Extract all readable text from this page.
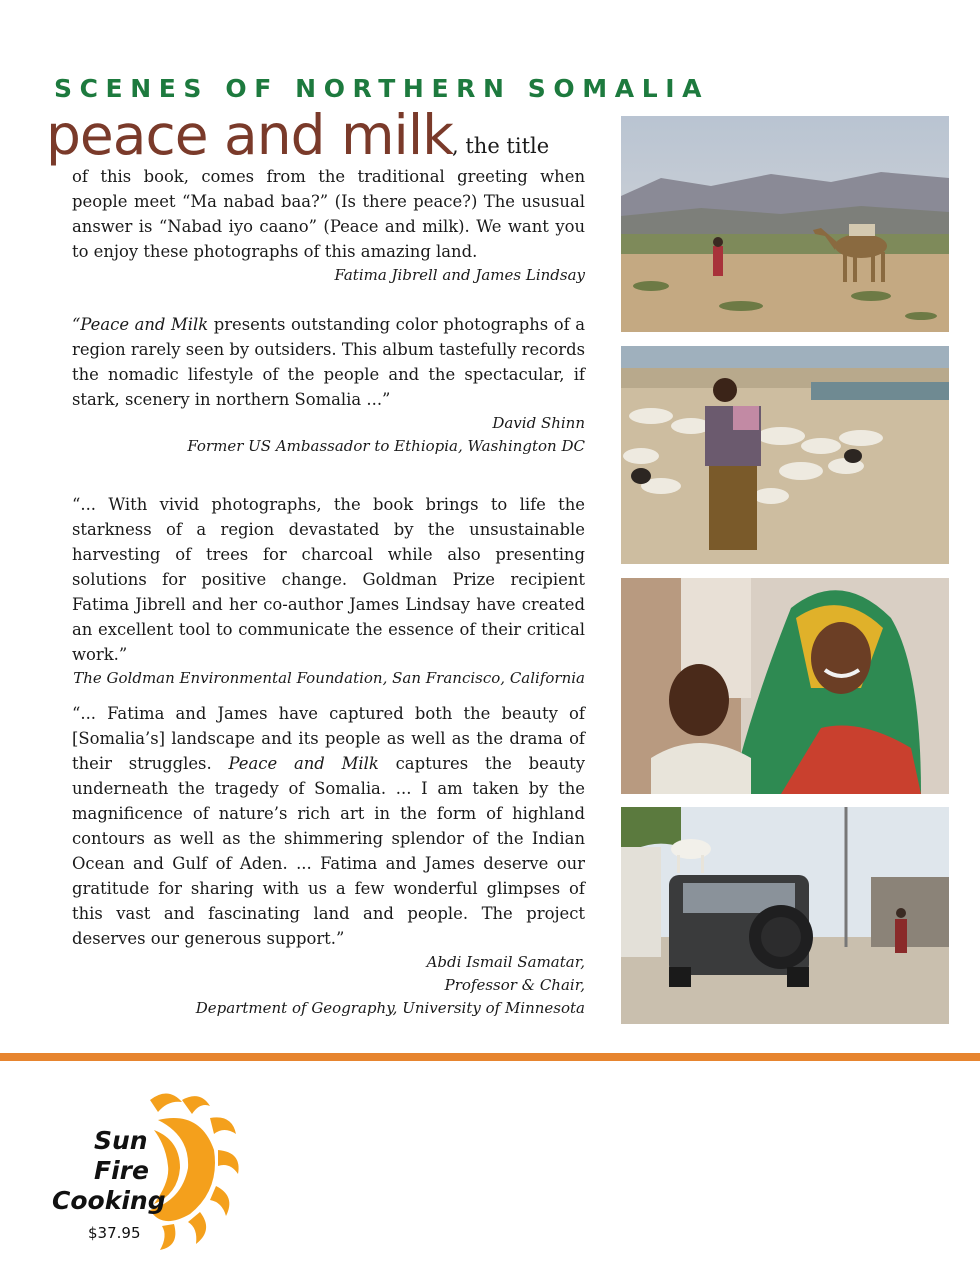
SCENES OF NORTHERN SOMALIA
peace and milk , the title

of this book, comes from the traditional greeting when people meet “Ma nabad baa?” (Is there peace?) The ususual answer is “Nabad iyo caano” (Peace and milk). We want you to enjoy these photographs of this amazing land.

Fatima Jibrell and James Lindsay

“Peace and Milk presents outstanding color photographs of a region rarely seen by outsiders. This album tastefully records the nomadic lifestyle of the people and the spectacular, if stark, scenery in northern Somalia ...”

David Shinn

Former US Ambassador to Ethiopia, Washington DC

“... With vivid photographs, the book brings to life the starkness of a region devastated by the unsustainable harvesting of trees for charcoal while also presenting solutions for positive change. Goldman Prize recipient Fatima Jibrell and her co-author James Lindsay have created an excellent tool to communicate the essence of their critical work.”

The Goldman Environmental Foundation, San Francisco, California

“... Fatima and James have captured both the beauty of [Somalia’s] landscape and its people as well as the drama of their struggles. Peace and Milk captures the beauty underneath the tragedy of Somalia. ... I am taken by the magnificence of nature’s rich art in the form of highland contours as well as the shimmering splendor of the Indian Ocean and Gulf of Aden. ... Fatima and James deserve our gratitude for sharing with us a few wonderful glimpses of this vast and fascinating land and people. The project deserves our generous support.”

Abdi Ismail Samatar,

Professor & Chair,

Department of Geography, University of Minnesota

Sun
Fire
Cooking
$37.95
